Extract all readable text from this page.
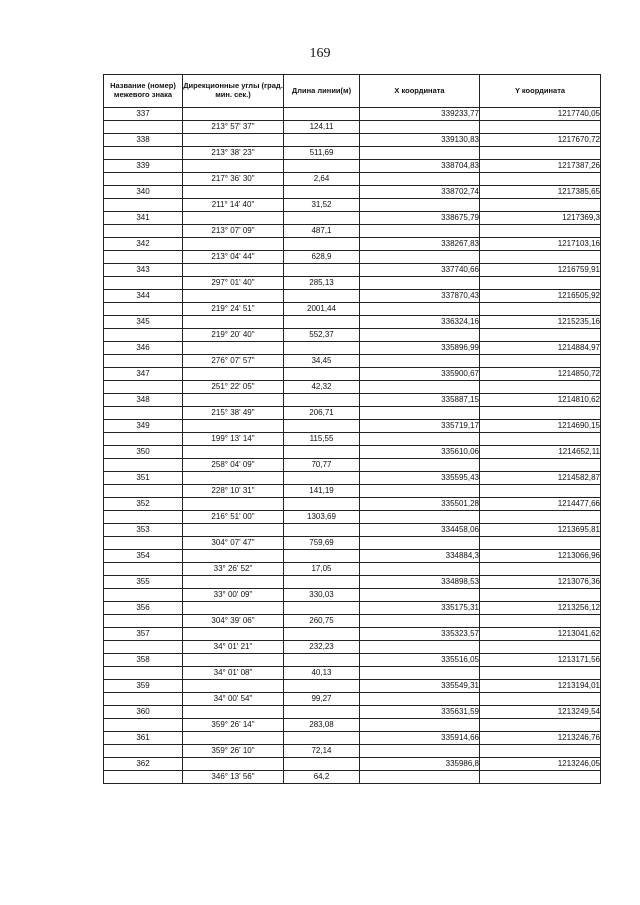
169
Название (номер) межевого знака	Дирекционные углы (град. мин. сек.)	Длина линии(м)	X координата	Y координата
337			339233,77	1217740,05
	213° 57' 37"	124,11		
338			339130,83	1217670,72
	213° 38' 23"	511,69		
339			338704,83	1217387,26
	217° 36' 30"	2,64		
340			338702,74	1217385,65
	211° 14' 40"	31,52		
341			338675,79	1217369,3
	213° 07' 09"	487,1		
342			338267,83	1217103,16
	213° 04' 44"	628,9		
343			337740,66	1216759,91
	297° 01' 40"	285,13		
344			337870,43	1216505,92
	219° 24' 51"	2001,44		
345			336324,16	1215235,16
	219° 20' 40"	552,37		
346			335896,99	1214884,97
	276° 07' 57"	34,45		
347			335900,67	1214850,72
	251° 22' 05"	42,32		
348			335887,15	1214810,62
	215° 38' 49"	206,71		
349			335719,17	1214690,15
	199° 13' 14"	115,55		
350			335610,06	1214652,11
	258° 04' 09"	70,77		
351			335595,43	1214582,87
	228° 10' 31"	141,19		
352			335501,28	1214477,66
	216° 51' 00"	1303,69		
353			334458,06	1213695,81
	304° 07' 47"	759,69		
354			334884,3	1213066,96
	33° 26' 52"	17,05		
355			334898,53	1213076,36
	33° 00' 09"	330,03		
356			335175,31	1213256,12
	304° 39' 06"	260,75		
357			335323,57	1213041,62
	34° 01' 21"	232,23		
358			335516,05	1213171,56
	34° 01' 08"	40,13		
359			335549,31	1213194,01
	34° 00' 54"	99,27		
360			335631,59	1213249,54
	359° 26' 14"	283,08		
361			335914,66	1213246,76
	359° 26' 10"	72,14		
362			335986,8	1213246,05
	346° 13' 56"	64,2		
